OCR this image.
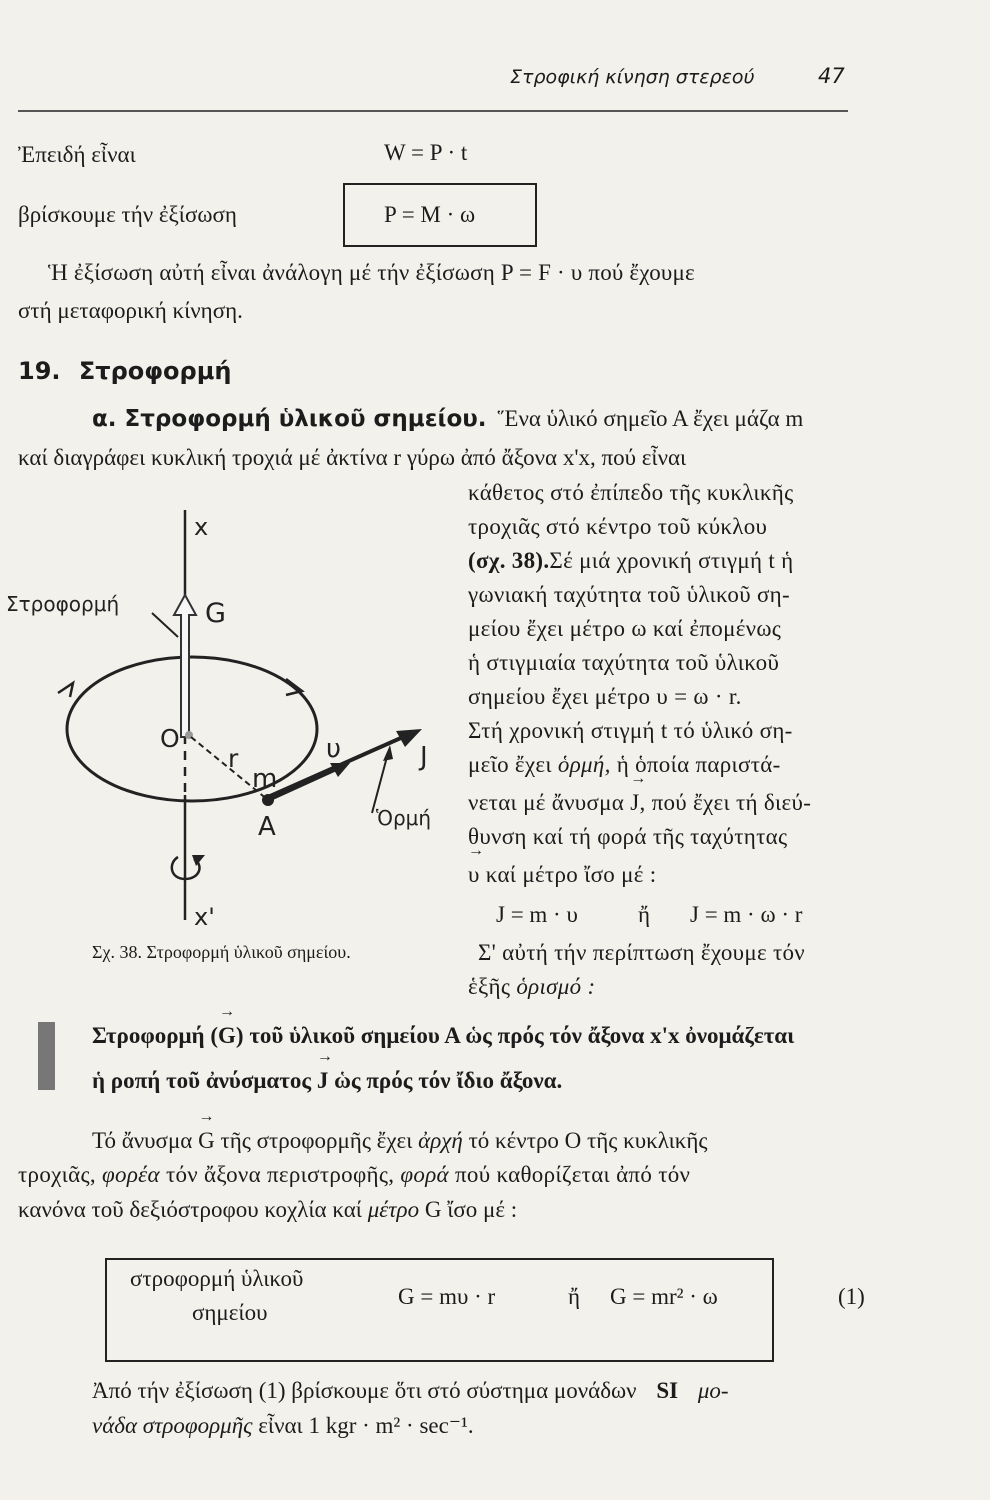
Στροφική κίνηση στερεού	47
Ἐπειδή εἶναι	W = P · t
βρίσκουμε τήν ἐξίσωση	P = M · ω
Ἡ ἐξίσωση αὐτή εἶναι ἀνάλογη μέ τήν ἐξίσωση P = F · υ πού ἔχουμε
στή μεταφορική κίνηση.
19. Στροφορμή
α. Στροφορμή ὑλικοῦ σημείου. Ἕνα ὑλικό σημεῖο Α ἔχει μάζα m
καί διαγράφει κυκλική τροχιά μέ ἀκτίνα r γύρω ἀπό ἄξονα x'x, πού εἶναι
κάθετος στό ἐπίπεδο τῆς κυκλικῆς
τροχιᾶς στό κέντρο τοῦ κύκλου
(σχ. 38).Σέ μιά χρονική στιγμή t ἡ
γωνιακή ταχύτητα τοῦ ὑλικοῦ ση-
μείου ἔχει μέτρο ω καί ἐπομένως
ἡ στιγμιαία ταχύτητα τοῦ ὑλικοῦ
σημείου ἔχει μέτρο υ = ω · r.
Στή χρονική στιγμή t τό ὑλικό ση-
μεῖο ἔχει ὁρμή, ἡ ὁποία παριστά-
νεται μέ ἄνυσμα → J, πού ἔχει τή διεύ-
θυνση καί τή φορά τῆς ταχύτητας
→ υ καί μέτρο ἴσο μέ :
J = m · υ	ἤ J = m · ω · r
Σ' αὐτή τήν περίπτωση ἔχουμε τόν
ἑξῆς ὁρισμό :
x
x'
G
Στροφορμή
O
r
m
A
υ	J
Ὁρμή
Σχ. 38. Στροφορμή ὑλικοῦ σημείου.
Στροφορμή (→ G) τοῦ ὑλικοῦ σημείου Α ὡς πρός τόν ἄξονα x'x ὀνομάζεται
ἡ ροπή τοῦ ἀνύσματος → J ὡς πρός τόν ἴδιο ἄξονα.
Τό ἄνυσμα → G τῆς στροφορμῆς ἔχει ἀρχή τό κέντρο Ο τῆς κυκλικῆς
τροχιᾶς, φορέα τόν ἄξονα περιστροφῆς, φορά πού καθορίζεται ἀπό τόν
κανόνα τοῦ δεξιόστροφου κοχλία καί μέτρο G ἴσο μέ :
στροφορμή ὑλικοῦ
σημείου
G = mυ · r	ἤ G = mr² · ω	(1)
Ἀπό τήν ἐξίσωση (1) βρίσκουμε ὅτι στό σύστημα μονάδων SI μο-
νάδα στροφορμῆς εἶναι 1 kgr · m² · sec⁻¹.
